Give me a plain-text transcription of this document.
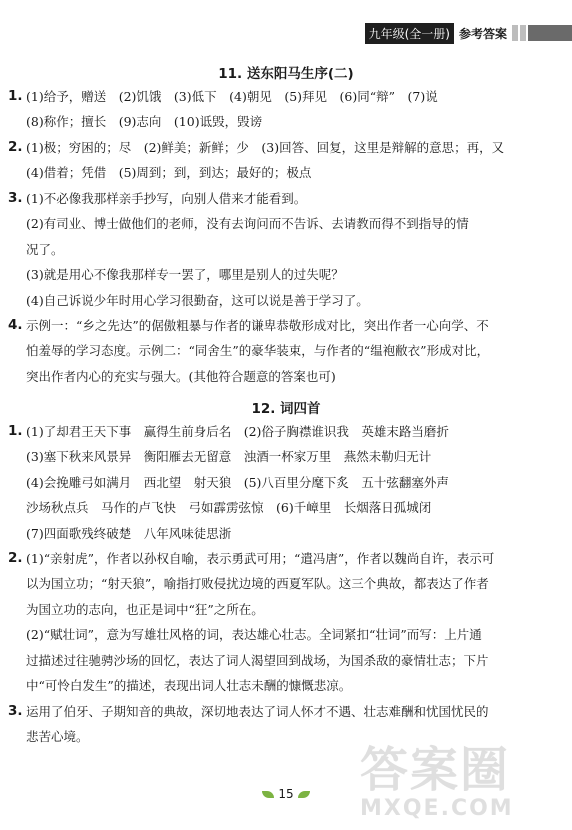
九年级(全一册) 参考答案
11. 送东阳马生序(二)
1. (1)给予，赠送　(2)饥饿　(3)低下　(4)朝见　(5)拜见　(6)同“辩”　(7)说

(8)称作；擅长　(9)志向　(10)诋毁，毁谤

2. (1)极；穷困的；尽　(2)鲜美；新鲜；少　(3)回答、回复，这里是辩解的意思；再，又

(4)借着；凭借　(5)周到；到，到达；最好的；极点

3. (1)不必像我那样亲手抄写，向别人借来才能看到。

(2)有司业、博士做他们的老师，没有去询问而不告诉、去请教而得不到指导的情

况了。

(3)就是用心不像我那样专一罢了，哪里是别人的过失呢？

(4)自己诉说少年时用心学习很勤奋，这可以说是善于学习了。

4. 示例一：“乡之先达”的倨傲粗暴与作者的谦卑恭敬形成对比，突出作者一心向学、不

怕羞辱的学习态度。示例二：“同舍生”的豪华装束，与作者的“缊袍敝衣”形成对比，

突出作者内心的充实与强大。(其他符合题意的答案也可)

12. 词四首
1. (1)了却君王天下事　赢得生前身后名　(2)俗子胸襟谁识我　英雄末路当磨折

(3)塞下秋来风景异　衡阳雁去无留意　浊酒一杯家万里　燕然未勒归无计

(4)会挽雕弓如满月　西北望　射天狼　(5)八百里分麾下炙　五十弦翻塞外声

沙场秋点兵　马作的卢飞快　弓如霹雳弦惊　(6)千嶂里　长烟落日孤城闭

(7)四面歌残终破楚　八年风味徒思浙

2. (1)“亲射虎”，作者以孙权自喻，表示勇武可用；“遣冯唐”，作者以魏尚自许，表示可

以为国立功；“射天狼”，喻指打败侵扰边境的西夏军队。这三个典故，都表达了作者

为国立功的志向，也正是词中“狂”之所在。

(2)“赋壮词”，意为写雄壮风格的词，表达雄心壮志。全词紧扣“壮词”而写：上片通

过描述过往驰骋沙场的回忆，表达了词人渴望回到战场，为国杀敌的豪情壮志；下片

中“可怜白发生”的描述，表现出词人壮志未酬的慷慨悲凉。

3. 运用了伯牙、子期知音的典故，深切地表达了词人怀才不遇、壮志难酬和忧国忧民的

悲苦心境。

15 答案圈
MXQE.COM
